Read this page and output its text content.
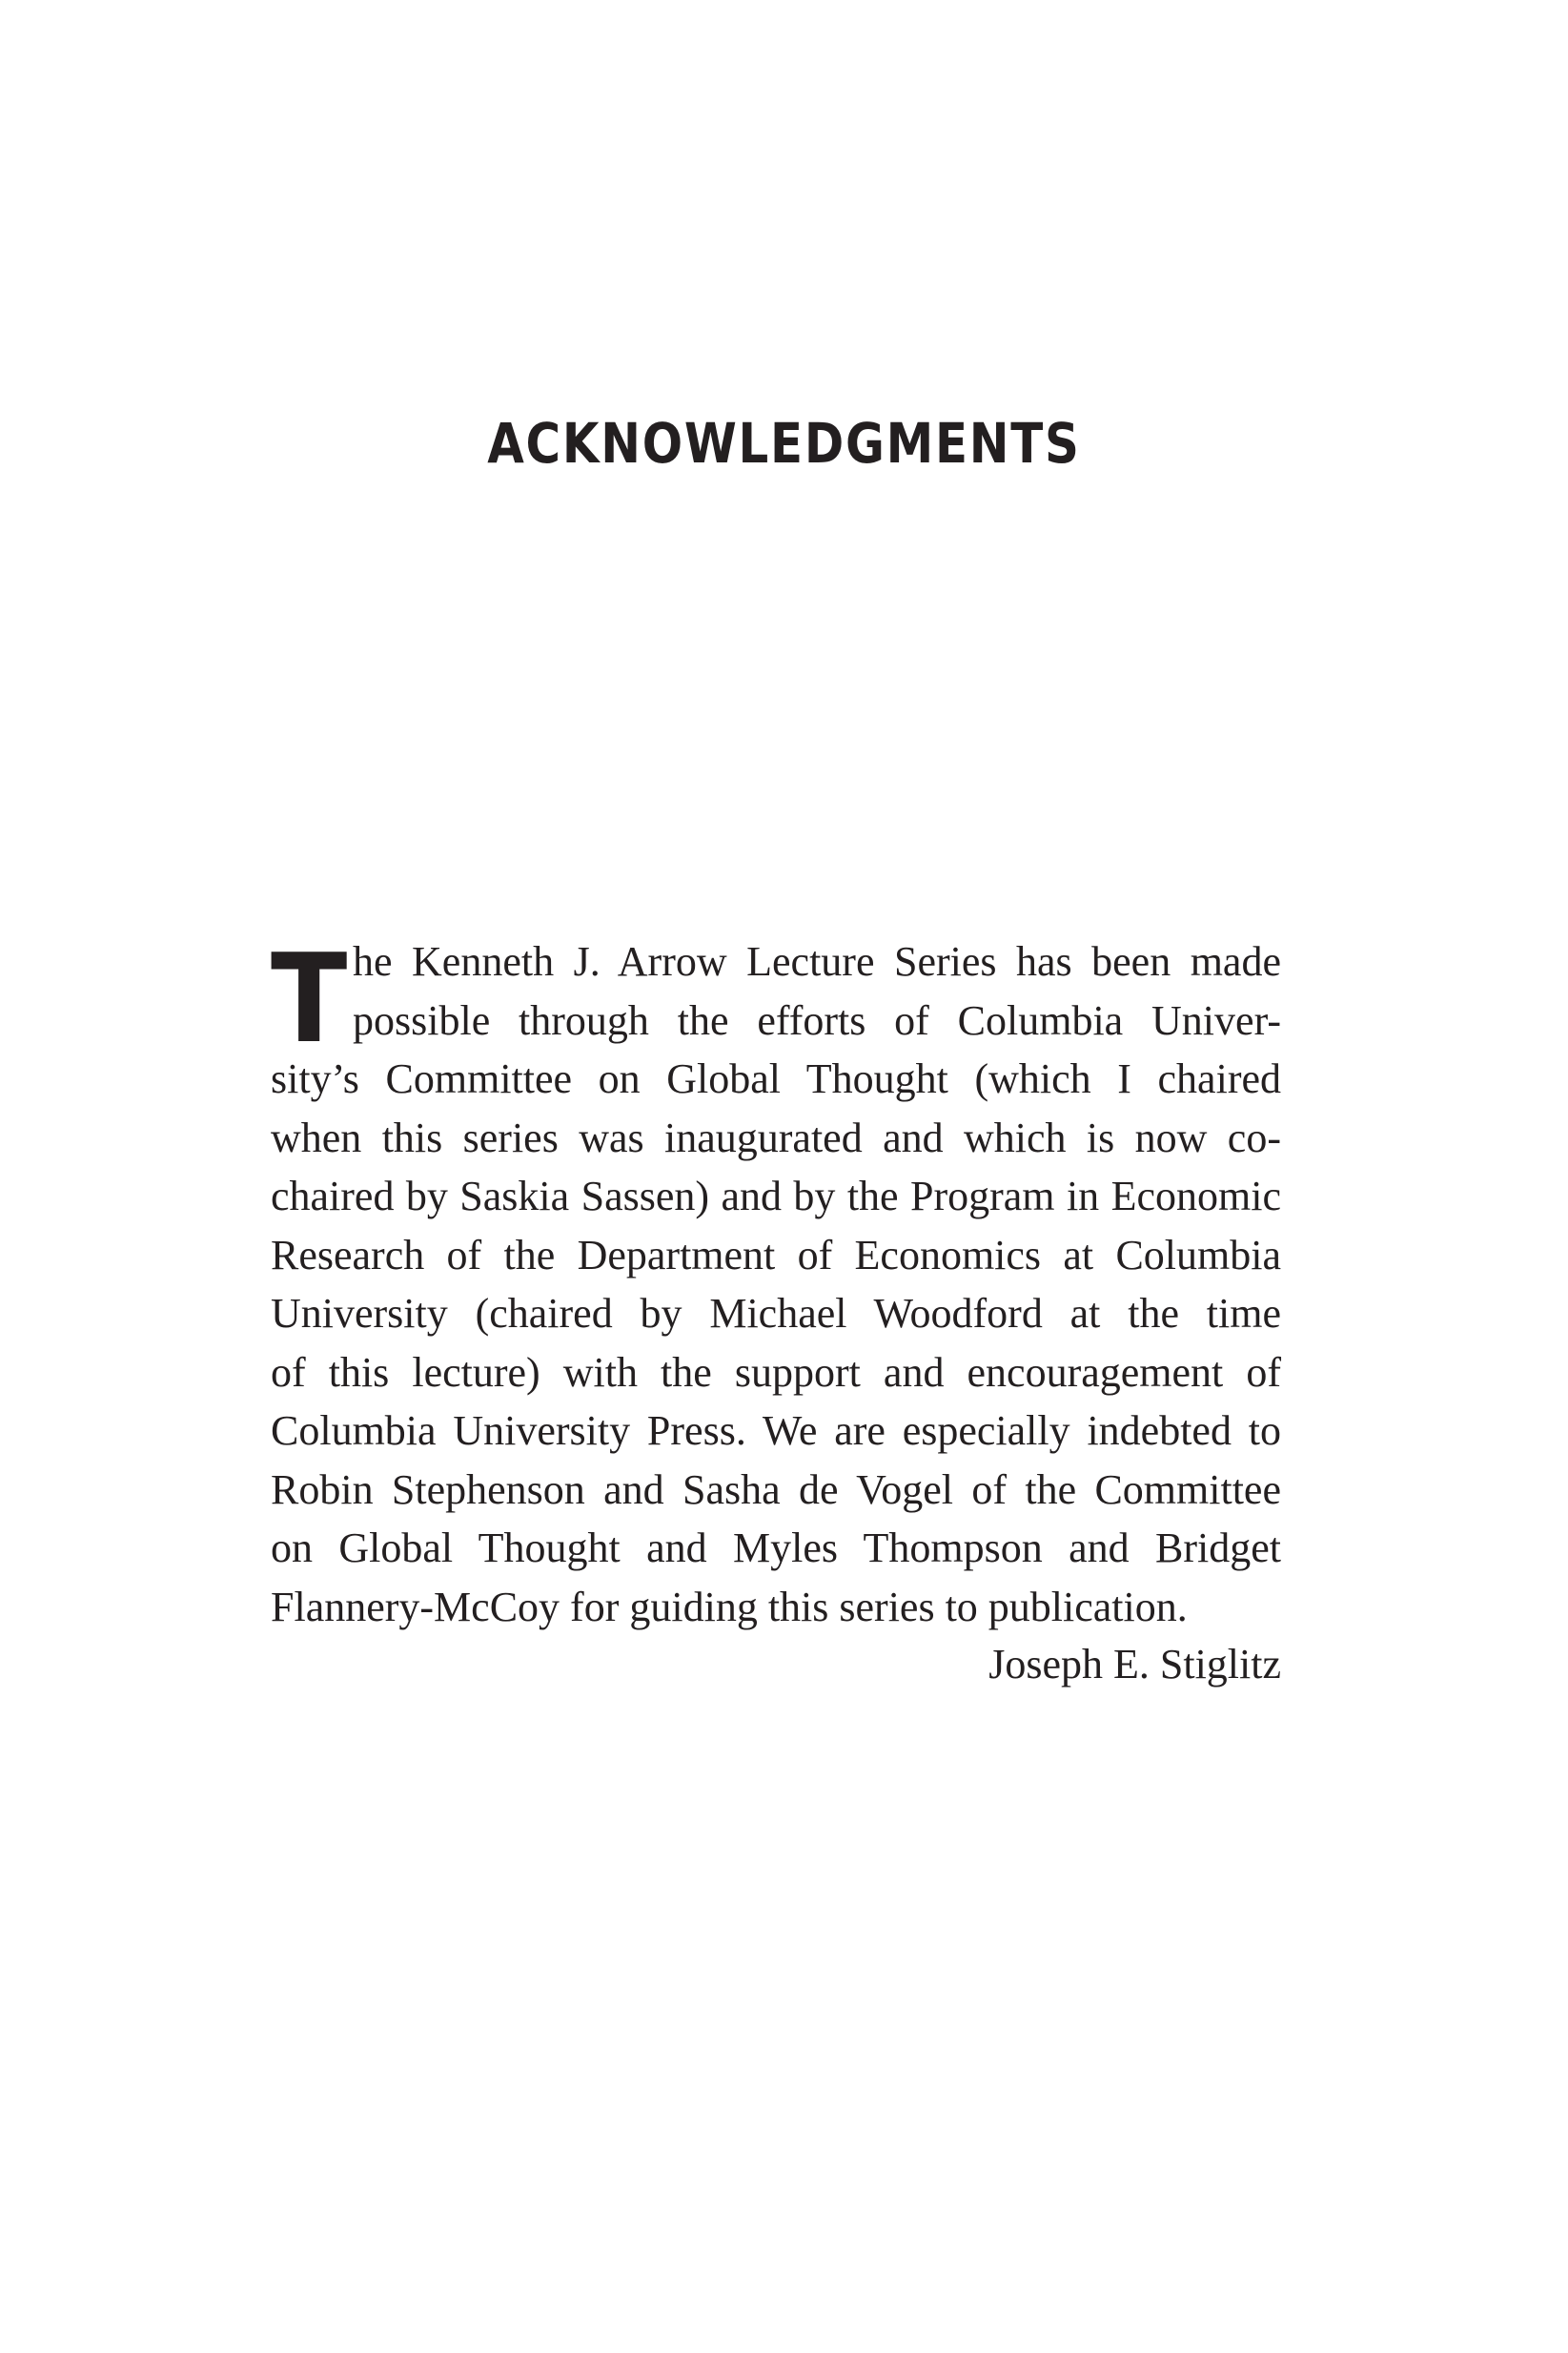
ACKNOWLEDGMENTS
T he Kenneth J. Arrow Lecture Series has been made
possible through the efforts of Columbia Univer-
sity’s Committee on Global Thought (which I chaired
when this series was inaugurated and which is now co-
chaired by Saskia Sassen) and by the Program in Economic
Research of the Department of Economics at Columbia
University (chaired by Michael Woodford at the time
of this lecture) with the support and encouragement of
Columbia University Press. We are especially indebted to
Robin Stephenson and Sasha de Vogel of the Committee
on Global Thought and Myles Thompson and Bridget
Flannery-McCoy for guiding this series to publication.

Joseph E. Stiglitz
